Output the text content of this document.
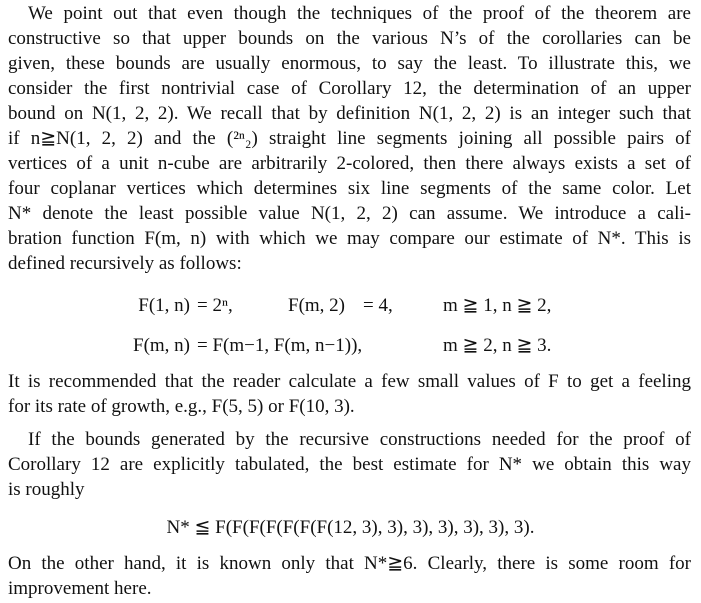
We point out that even though the techniques of the proof of the theorem are
constructive so that upper bounds on the various N’s of the corollaries can be
given, these bounds are usually enormous, to say the least. To illustrate this, we
consider the first nontrivial case of Corollary 12, the determination of an upper
bound on N(1, 2, 2). We recall that by definition N(1, 2, 2) is an integer such that
if n≧N(1, 2, 2) and the (²ⁿ₂) straight line segments joining all possible pairs of
vertices of a unit n-cube are arbitrarily 2-colored, then there always exists a set of
four coplanar vertices which determines six line segments of the same color. Let
N* denote the least possible value N(1, 2, 2) can assume. We introduce a cali-
bration function F(m, n) with which we may compare our estimate of N*. This is
defined recursively as follows:
F(1, n) = 2ⁿ,	F(m, 2) = 4,	m ≧ 1, n ≧ 2,
F(m, n) = F(m−1, F(m, n−1)),	m ≧ 2, n ≧ 3.
It is recommended that the reader calculate a few small values of F to get a feeling
for its rate of growth, e.g., F(5, 5) or F(10, 3).
If the bounds generated by the recursive constructions needed for the proof of
Corollary 12 are explicitly tabulated, the best estimate for N* we obtain this way
is roughly
N* ≦ F(F(F(F(F(F(F(12, 3), 3), 3), 3), 3), 3), 3).
On the other hand, it is known only that N*≧6. Clearly, there is some room for
improvement here.
